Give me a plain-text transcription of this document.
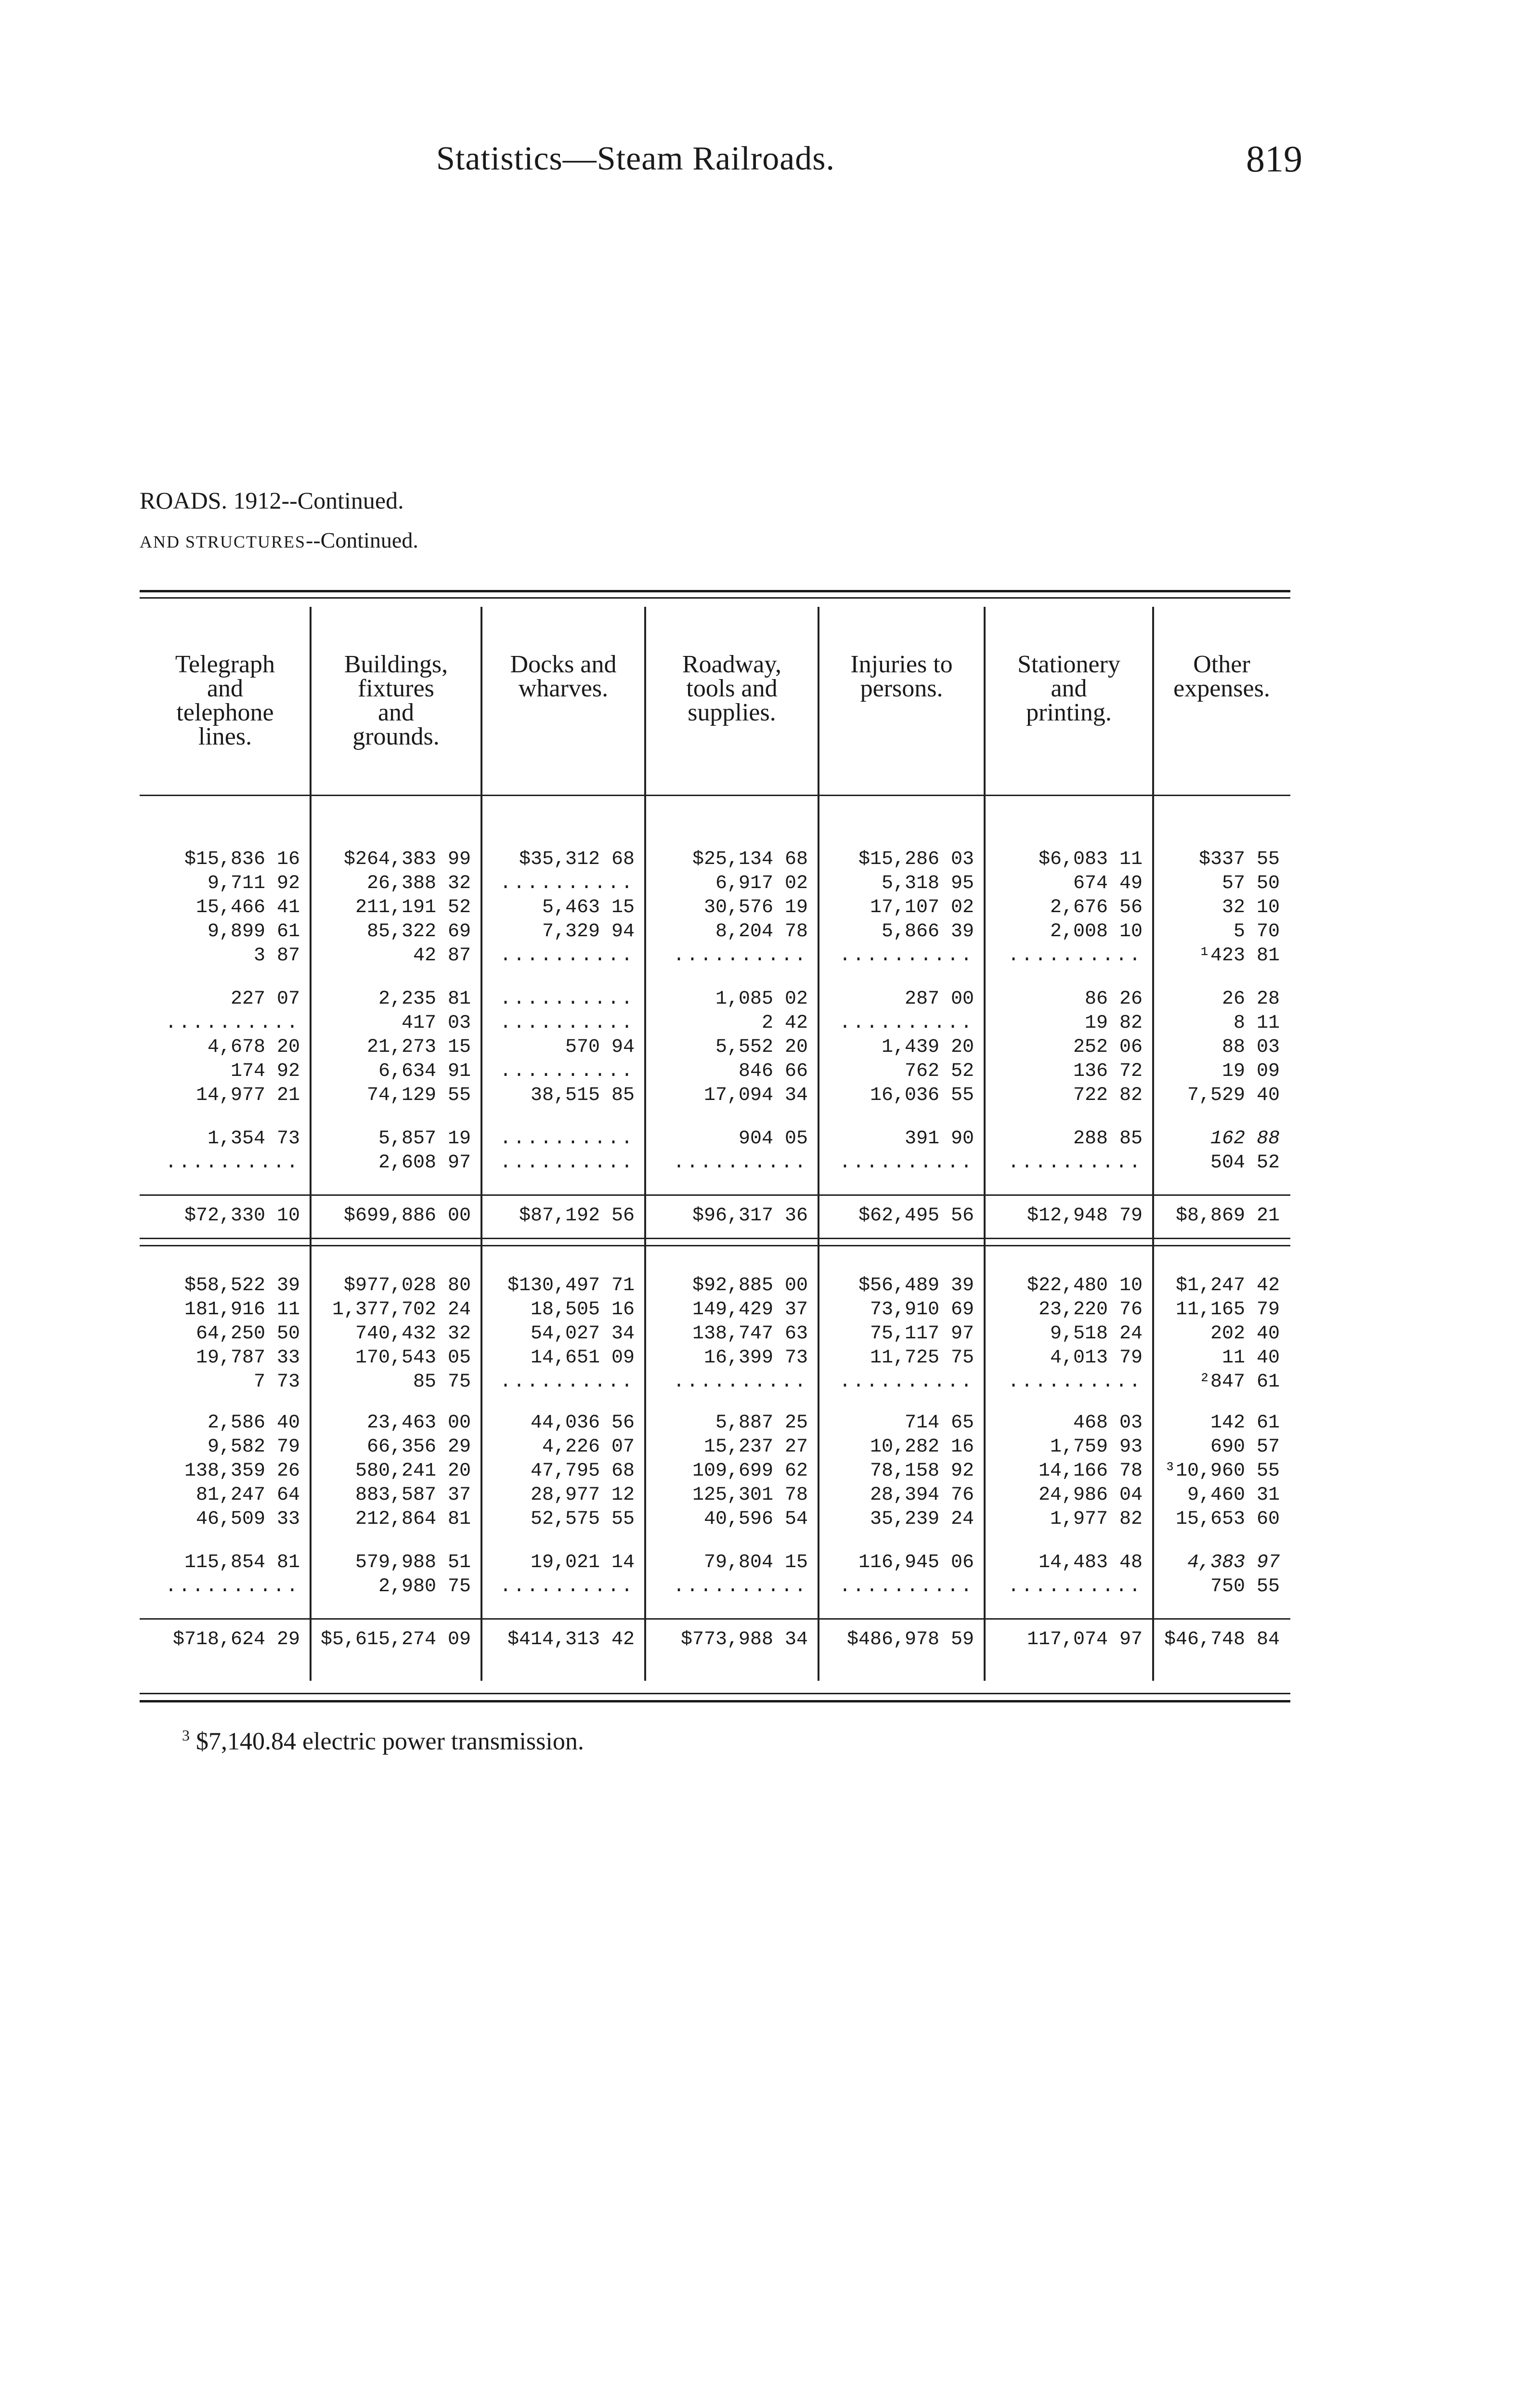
Statistics—Steam Railroads.	819
ROADS. 1912--Continued.
AND STRUCTURES--Continued.
Telegraph
and
telephone
lines.
$15,836 16
9,711 92
15,466 41
9,899 61
3 87
227 07
..........
4,678 20
174 92
14,977 21
1,354 73
..........
$58,522 39
181,916 11
64,250 50
19,787 33
7 73
2,586 40
9,582 79
138,359 26
81,247 64
46,509 33
115,854 81
..........
$72,330 10
$718,624 29
Buildings,
fixtures
and
grounds.
$264,383 99
26,388 32
211,191 52
85,322 69
42 87
2,235 81
417 03
21,273 15
6,634 91
74,129 55
5,857 19
2,608 97
$977,028 80
1,377,702 24
740,432 32
170,543 05
85 75
23,463 00
66,356 29
580,241 20
883,587 37
212,864 81
579,988 51
2,980 75
$699,886 00
$5,615,274 09
Docks and
wharves.
$35,312 68
..........
5,463 15
7,329 94
..........
..........
..........
570 94
..........
38,515 85
..........
..........
$130,497 71
18,505 16
54,027 34
14,651 09
..........
44,036 56
4,226 07
47,795 68
28,977 12
52,575 55
19,021 14
..........
$87,192 56
$414,313 42
Roadway,
tools and
supplies.
$25,134 68
6,917 02
30,576 19
8,204 78
..........
1,085 02
2 42
5,552 20
846 66
17,094 34
904 05
..........
$92,885 00
149,429 37
138,747 63
16,399 73
..........
5,887 25
15,237 27
109,699 62
125,301 78
40,596 54
79,804 15
..........
$96,317 36
$773,988 34
Injuries to
persons.
$15,286 03
5,318 95
17,107 02
5,866 39
..........
287 00
..........
1,439 20
762 52
16,036 55
391 90
..........
$56,489 39
73,910 69
75,117 97
11,725 75
..........
714 65
10,282 16
78,158 92
28,394 76
35,239 24
116,945 06
..........
$62,495 56
$486,978 59
Stationery
and
printing.
$6,083 11
674 49
2,676 56
2,008 10
..........
86 26
19 82
252 06
136 72
722 82
288 85
..........
$22,480 10
23,220 76
9,518 24
4,013 79
..........
468 03
1,759 93
14,166 78
24,986 04
1,977 82
14,483 48
..........
$12,948 79
117,074 97
Other
expenses.
$337 55
57 50
32 10
5 70
¹423 81
26 28
8 11
88 03
19 09
7,529 40
162 88
504 52
$1,247 42
11,165 79
202 40
11 40
²847 61
142 61
690 57
³10,960 55
9,460 31
15,653 60
4,383 97
750 55
$8,869 21
$46,748 84
$^3$ $7,140.84 electric power transmission.
